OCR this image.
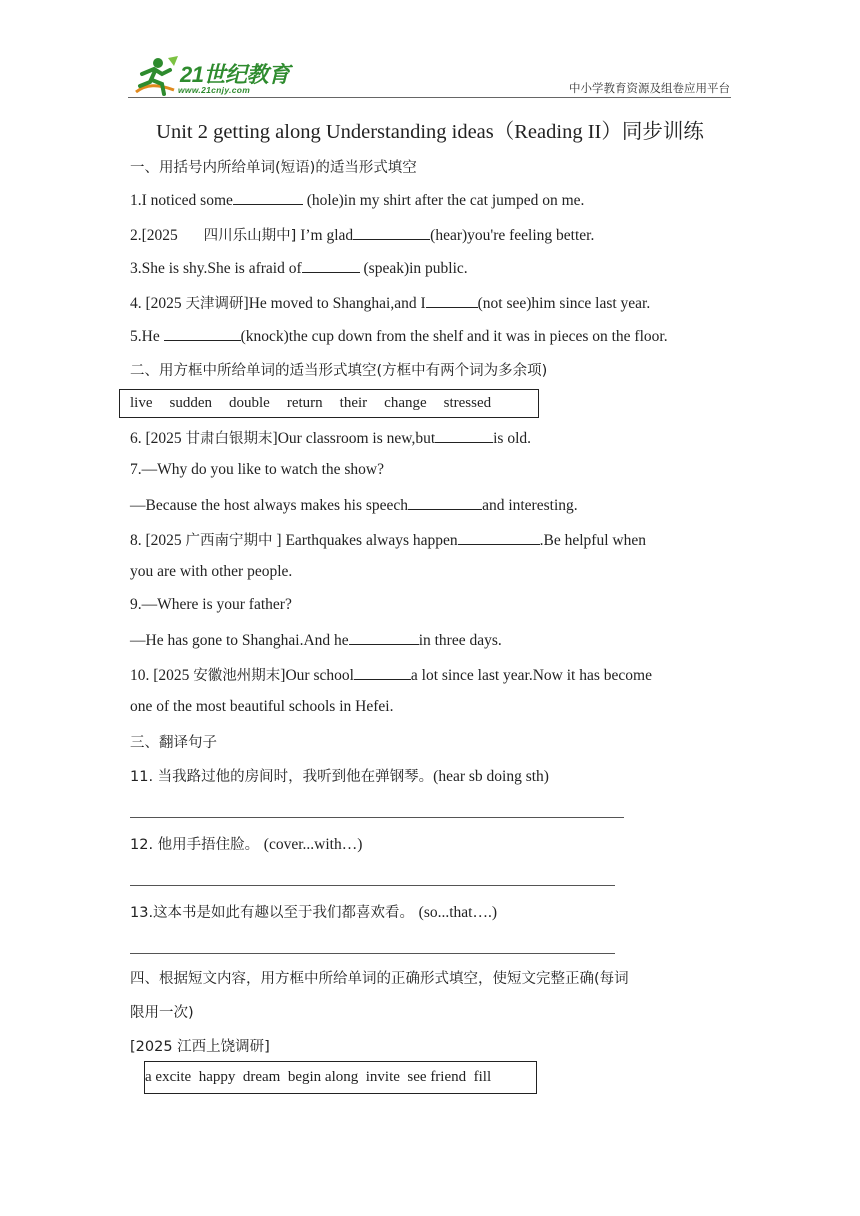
21世纪教育
www.21cnjy.com	中小学教育资源及组卷应用平台
Unit 2 getting along Understanding ideas（Reading II）同步训练
一、用括号内所给单词(短语)的适当形式填空
1.I noticed some	(hole)in my shirt after the cat jumped on me.
2.[2025 四川乐山期中] I’m glad	(hear)you're feeling better.
3.She is shy.She is afraid of	(speak)in public.
4. [2025 天津调研]He moved to Shanghai,and I	(not see)him since last year.
5.He	(knock)the cup down from the shelf and it was in pieces on the floor.
二、用方框中所给单词的适当形式填空(方框中有两个词为多余项)
live sudden double return their change stressed
6. [2025 甘肃白银期末]Our classroom is new,but	is old.
7.—Why do you like to watch the show?
—Because the host always makes his speech	and interesting.
8. [2025 广西南宁期中 ] Earthquakes always happen	.Be helpful when
you are with other people.
9.—Where is your father?
—He has gone to Shanghai.And he	in three days.
10. [2025 安徽池州期末]Our school	a lot since last year.Now it has become
one of the most beautiful schools in Hefei.
三、翻译句子
11. 当我路过他的房间时，我听到他在弹钢琴。(hear sb doing sth)
12. 他用手捂住脸。 (cover...with…)
13.这本书是如此有趣以至于我们都喜欢看。 (so...that….)
四、根据短文内容，用方框中所给单词的正确形式填空，使短文完整正确(每词
限用一次)
[2025 江西上饶调研]
a excite  happy  dream  begin along  invite  see friend  fill
